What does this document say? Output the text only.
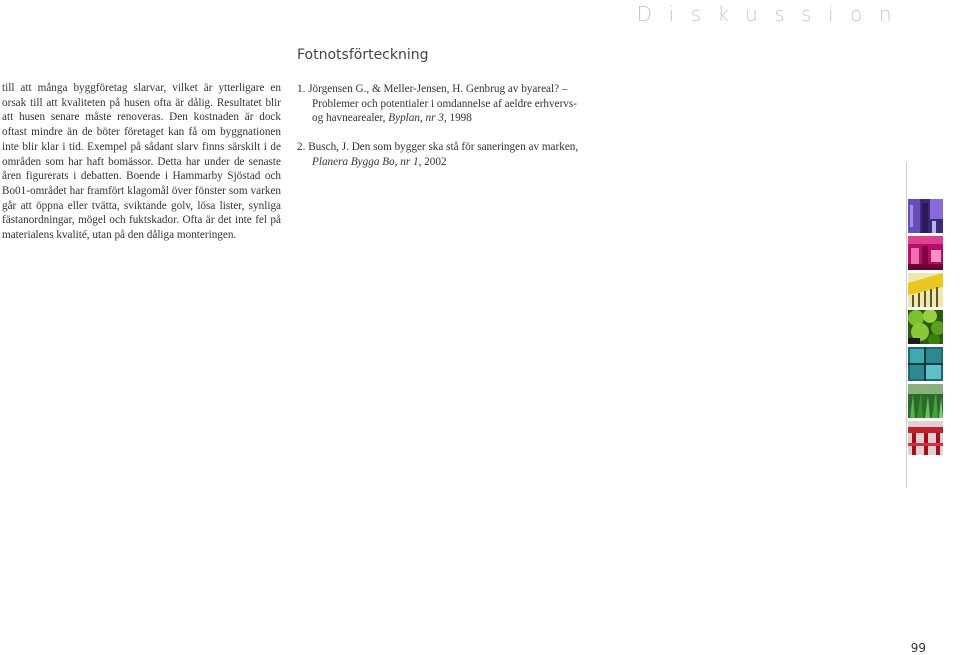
Diskussion

till att många byggföretag slarvar, vilket är ytterligare en orsak till att kvaliteten på husen ofta är dålig. Resultatet blir att husen senare måste renoveras. Den kostnaden är dock oftast mindre än de böter företaget kan få om byggnationen inte blir klar i tid. Exempel på sådant slarv finns särskilt i de områden som har haft bomässor. Detta har under de senaste åren figurerats i debatten. Boende i Hammarby Sjöstad och Bo01-området har framfört klagomål över fönster som varken går att öppna eller tvätta, sviktande golv, lösa lister, synliga fästanordningar, mögel och fuktskador. Ofta är det inte fel på materialens kvalité, utan på den dåliga monteringen.

Fotnotsförteckning
1. Jörgensen G., & Meller-Jensen, H. Genbrug av byareal? –Problemer och potentialer i omdannelse af aeldre erhvervs- og havnearealer, Byplan, nr 3, 1998
2. Busch, J. Den som bygger ska stå för saneringen av marken, Planera Bygga Bo, nr 1, 2002
99
